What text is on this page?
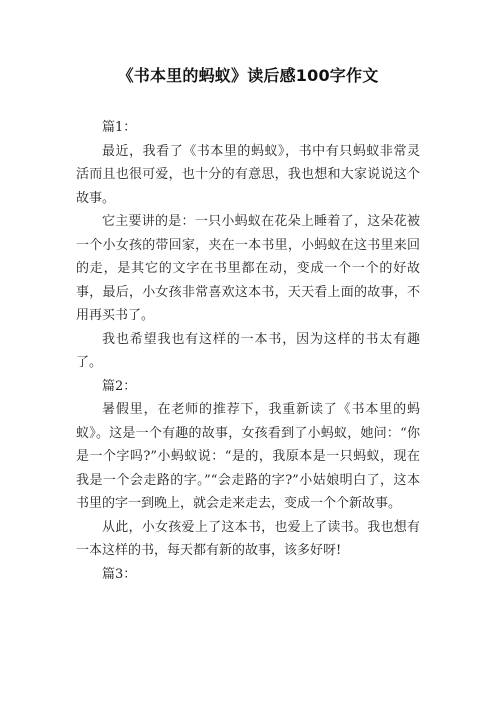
《书本里的蚂蚁》读后感100字作文

篇1：

最近，我看了《书本里的蚂蚁》，书中有只蚂蚁非常灵活而且也很可爱，也十分的有意思，我也想和大家说说这个故事。

它主要讲的是：一只小蚂蚁在花朵上睡着了，这朵花被一个小女孩的带回家，夹在一本书里，小蚂蚁在这书里来回的走，是其它的文字在书里都在动，变成一个一个的好故事，最后，小女孩非常喜欢这本书，天天看上面的故事，不用再买书了。

我也希望我也有这样的一本书，因为这样的书太有趣了。

篇2：

暑假里，在老师的推荐下，我重新读了《书本里的蚂蚁》。这是一个有趣的故事，女孩看到了小蚂蚁，她问：“你是一个字吗?”小蚂蚁说：“是的，我原本是一只蚂蚁，现在我是一个会走路的字。”“会走路的字?”小姑娘明白了，这本书里的字一到晚上，就会走来走去，变成一个个新故事。

从此，小女孩爱上了这本书，也爱上了读书。我也想有一本这样的书，每天都有新的故事，该多好呀!

篇3：
